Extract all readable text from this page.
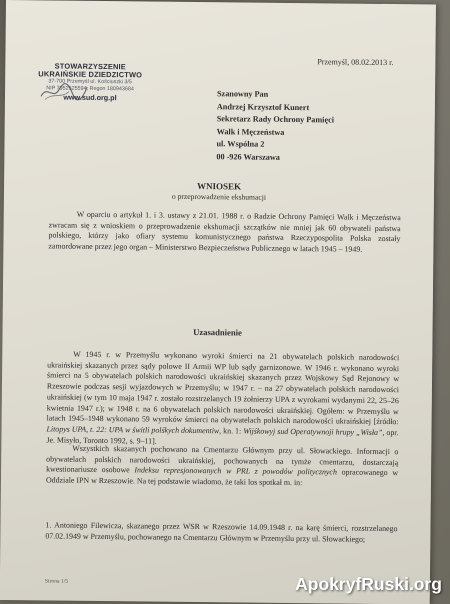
STOWARZYSZENIE
UKRAIŃSKIE DZIEDZICTWO
37-700 Przemyśl ul. Kościuszki 3/5
NIP 7952525594, Regon 180943684
www.sud.org.pl
Przemyśl, 08.02.2013 r.
Szanowny Pan
Andrzej Krzysztof Kunert
Sekretarz Rady Ochrony Pamięci
Walk i Męczeństwa
ul. Wspólna 2
00 -926 Warszawa
WNIOSEK
o przeprowadzenie ekshumacji

W oparciu o artykuł 1. i 3. ustawy z 21.01. 1988 r. o Radzie Ochrony Pamięci Walk i Męczeństwa zwracam się z wnioskiem o przeprowadzenie ekshumacji szczątków nie mniej jak 60 obywateli państwa polskiego, którzy jako ofiary systemu komunistycznego państwa Rzeczypospolita Polska zostały zamordowane przez jego organ – Ministerstwo Bezpieczeństwa Publicznego w latach 1945 – 1949.

Uzasadnienie

W 1945 r. w Przemyślu wykonano wyroki śmierci na 21 obywatelach polskich narodowości ukraińskiej skazanych przez sądy polowe II Armii WP lub sądy garnizonowe. W 1946 r. wykonano wyroki śmierci na 5 obywatelach polskich narodowości ukraińskiej skazanych przez Wojskowy Sąd Rejonowy w Rzeszowie podczas sesji wyjazdowych w Przemyślu; w 1947 r. – na 27 obywatelach polskich narodowości ukraińskiej (w tym 10 maja 1947 r. zostało rozstrzelanych 19 żołnierzy UPA z wyrokami wydanymi 22, 25–26 kwietnia 1947 r.); w 1948 r. na 6 obywatelach polskich narodowości ukraińskiej. Ogółem: w Przemyślu w latach 1945–1948 wykonano 59 wyroków śmierci na obywatelach polskich narodowości ukraińskiej [źródło: Litopys UPA, t. 22: UPA w świtli polśkych dokumentiw, kn. 1: Wijśkowyj sud Operatywnoji hrupy „Wisła”, opr. Je. Misyło, Toronto 1992, s. 9–11].

Wszystkich skazanych pochowano na Cmentarzu Głównym przy ul. Słowackiego. Informacji o obywatelach polskich narodowości ukraińskiej, pochowanych na tymże cmentarzu, dostarczają kwestionariusze osobowe Indeksu represjonowanych w PRL z powodów politycznych opracowanego w Oddziale IPN w Rzeszowie. Na tej podstawie wiadomo, że taki los spotkał m. in:

1. Antoniego Filewicza, skazanego przez WSR w Rzeszowie 14.09.1948 r. na karę śmierci, rozstrzelanego 07.02.1949 w Przemyślu, pochowanego na Cmentarzu Głównym w Przemyślu przy ul. Słowackiego;

Strona 1/5	ApokryfRuski.org
